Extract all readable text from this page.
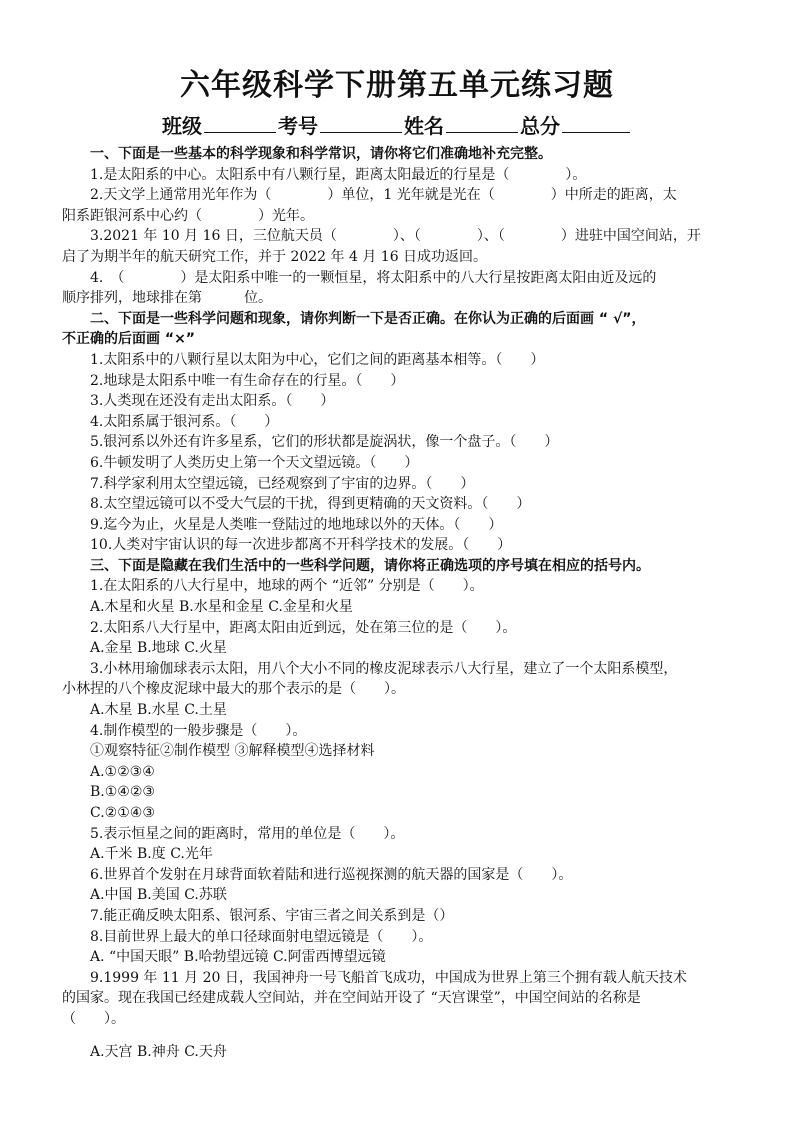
六年级科学下册第五单元练习题
班级	考号	姓名	总分
一、下面是一些基本的科学现象和科学常识，请你将它们准确地补充完整。
1.是太阳系的中心。太阳系中有八颗行星，距离太阳最近的行星是（　　　　）。
2.天文学上通常用光年作为（　　　　）单位，1 光年就是光在（　　　　）中所走的距离，太
阳系距银河系中心约（　　　　）光年。
3.2021 年 10 月 16 日，三位航天员（　　　　）、（　　　　）、（　　　　）进驻中国空间站，开
启了为期半年的航天研究工作，并于 2022 年 4 月 16 日成功返回。
4.　（　　　　）是太阳系中唯一的一颗恒星，将太阳系中的八大行星按距离太阳由近及远的
顺序排列，地球排在第　　　位。
二、下面是一些科学问题和现象，请你判断一下是否正确。在你认为正确的后面画 “ √”，
不正确的后面画 “×”
1.太阳系中的八颗行星以太阳为中心，它们之间的距离基本相等。（　　）
2.地球是太阳系中唯一有生命存在的行星。（　　）
3.人类现在还没有走出太阳系。（　　）
4.太阳系属于银河系。（　　）
5.银河系以外还有许多星系，它们的形状都是旋涡状，像一个盘子。（　　）
6.牛顿发明了人类历史上第一个天文望远镜。（　　）
7.科学家利用太空望远镜，已经观察到了宇宙的边界。（　　）
8.太空望远镜可以不受大气层的干扰，得到更精确的天文资料。（　　）
9.迄今为止，火星是人类唯一登陆过的地地球以外的天体。（　　）
10.人类对宇宙认识的每一次进步都离不开科学技术的发展。（　　）
三、下面是隐藏在我们生活中的一些科学问题，请你将正确选项的序号填在相应的括号内。
1.在太阳系的八大行星中，地球的两个 “近邻” 分别是（　　）。
A.木星和火星 B.水星和金星 C.金星和火星
2.太阳系八大行星中，距离太阳由近到远，处在第三位的是（　　）。
A.金星 B.地球 C.火星
3.小林用瑜伽球表示太阳，用八个大小不同的橡皮泥球表示八大行星，建立了一个太阳系模型，
小林捏的八个橡皮泥球中最大的那个表示的是（　　）。
A.木星 B.水星 C.土星
4.制作模型的一般步骤是（　　）。
①观察特征②制作模型 ③解释模型④选择材料
A.①②③④
B.①④②③
C.②①④③
5.表示恒星之间的距离时，常用的单位是（　　）。
A.千米 B.度 C.光年
6.世界首个发射在月球背面软着陆和进行巡视探测的航天器的国家是（　　）。
A.中国 B.美国 C.苏联
7.能正确反映太阳系、银河系、宇宙三者之间关系到是（）
8.目前世界上最大的单口径球面射电望远镜是（　　）。
A. “中国天眼” B.哈勃望远镜 C.阿雷西博望远镜
9.1999 年 11 月 20 日，我国神舟一号飞船首飞成功，中国成为世界上第三个拥有载人航天技术
的国家。现在我国已经建成载人空间站，并在空间站开设了 “天宫课堂”，中国空间站的名称是
（　　）。
A.天宫 B.神舟 C.天舟
